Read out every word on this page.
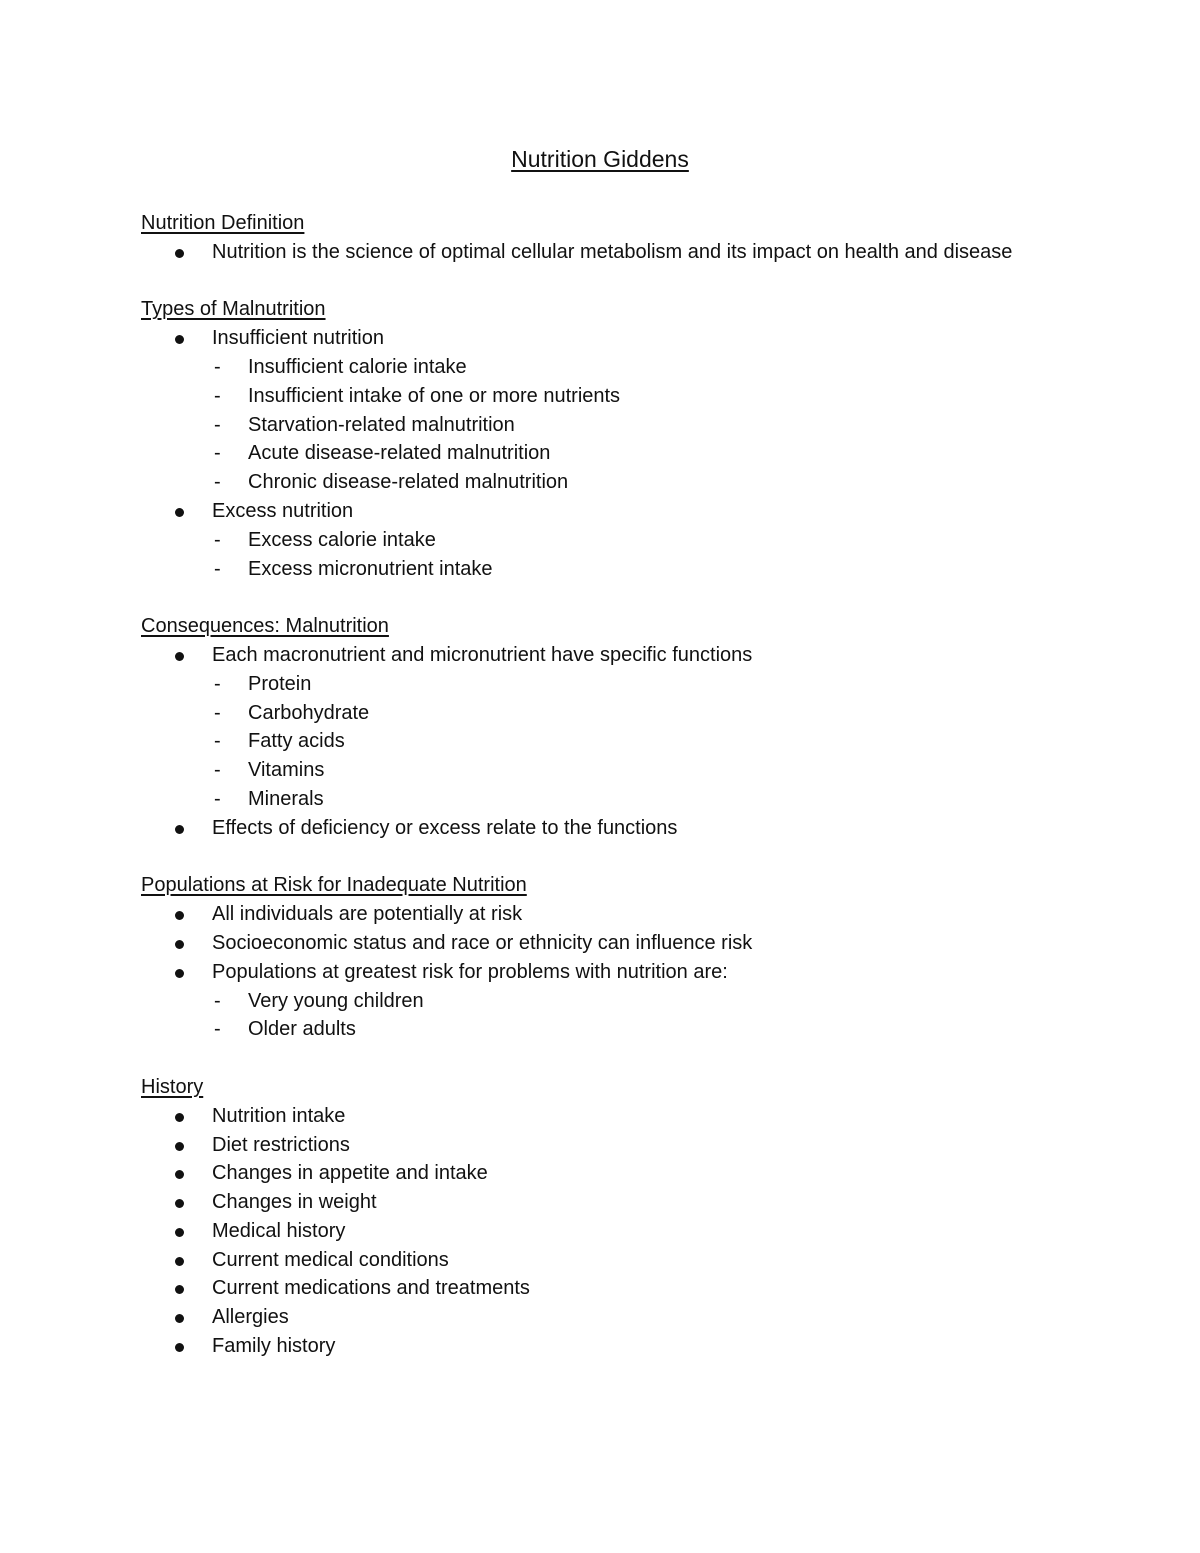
Nutrition Giddens
Nutrition Definition
Nutrition is the science of optimal cellular metabolism and its impact on health and disease
Types of Malnutrition
Insufficient nutrition
- Insufficient calorie intake
- Insufficient intake of one or more nutrients
- Starvation-related malnutrition
- Acute disease-related malnutrition
- Chronic disease-related malnutrition
Excess nutrition
- Excess calorie intake
- Excess micronutrient intake
Consequences: Malnutrition
Each macronutrient and micronutrient have specific functions
- Protein
- Carbohydrate
- Fatty acids
- Vitamins
- Minerals
Effects of deficiency or excess relate to the functions
Populations at Risk for Inadequate Nutrition
All individuals are potentially at risk
Socioeconomic status and race or ethnicity can influence risk
Populations at greatest risk for problems with nutrition are:
- Very young children
- Older adults
History
Nutrition intake
Diet restrictions
Changes in appetite and intake
Changes in weight
Medical history
Current medical conditions
Current medications and treatments
Allergies
Family history
